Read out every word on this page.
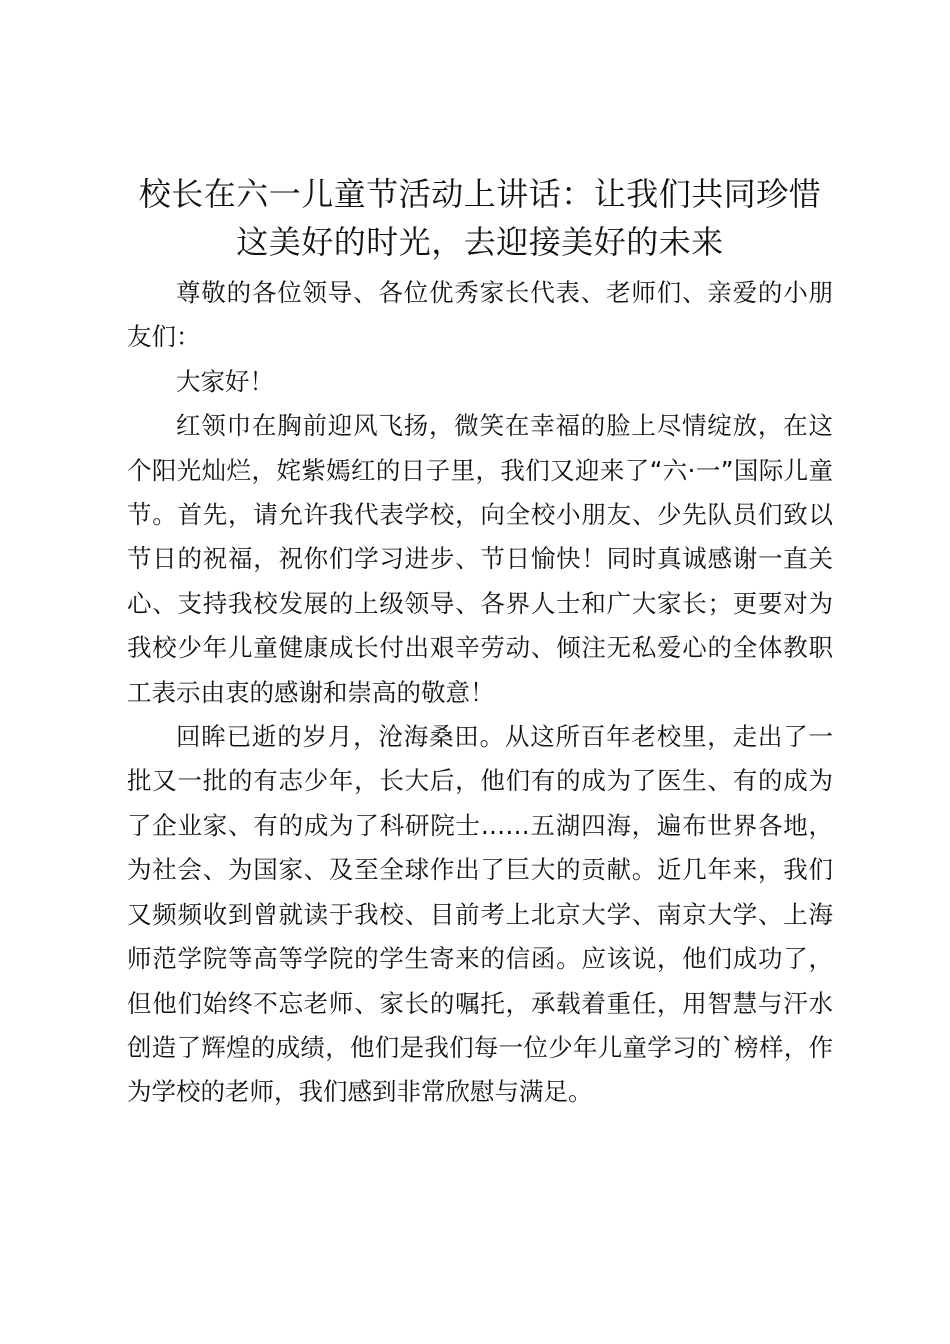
校长在六一儿童节活动上讲话：让我们共同珍惜这美好的时光，去迎接美好的未来

尊敬的各位领导、各位优秀家长代表、老师们、亲爱的小朋友们：

大家好！

红领巾在胸前迎风飞扬，微笑在幸福的脸上尽情绽放，在这个阳光灿烂，姹紫嫣红的日子里，我们又迎来了“六·一”国际儿童节。首先，请允许我代表学校，向全校小朋友、少先队员们致以节日的祝福，祝你们学习进步、节日愉快！同时真诚感谢一直关心、支持我校发展的上级领导、各界人士和广大家长；更要对为我校少年儿童健康成长付出艰辛劳动、倾注无私爱心的全体教职工表示由衷的感谢和崇高的敬意！

回眸已逝的岁月，沧海桑田。从这所百年老校里，走出了一批又一批的有志少年，长大后，他们有的成为了医生、有的成为了企业家、有的成为了科研院士……五湖四海，遍布世界各地，为社会、为国家、及至全球作出了巨大的贡献。近几年来，我们又频频收到曾就读于我校、目前考上北京大学、南京大学、上海师范学院等高等学院的学生寄来的信函。应该说，他们成功了，但他们始终不忘老师、家长的嘱托，承载着重任，用智慧与汗水创造了辉煌的成绩，他们是我们每一位少年儿童学习的`榜样，作为学校的老师，我们感到非常欣慰与满足。
